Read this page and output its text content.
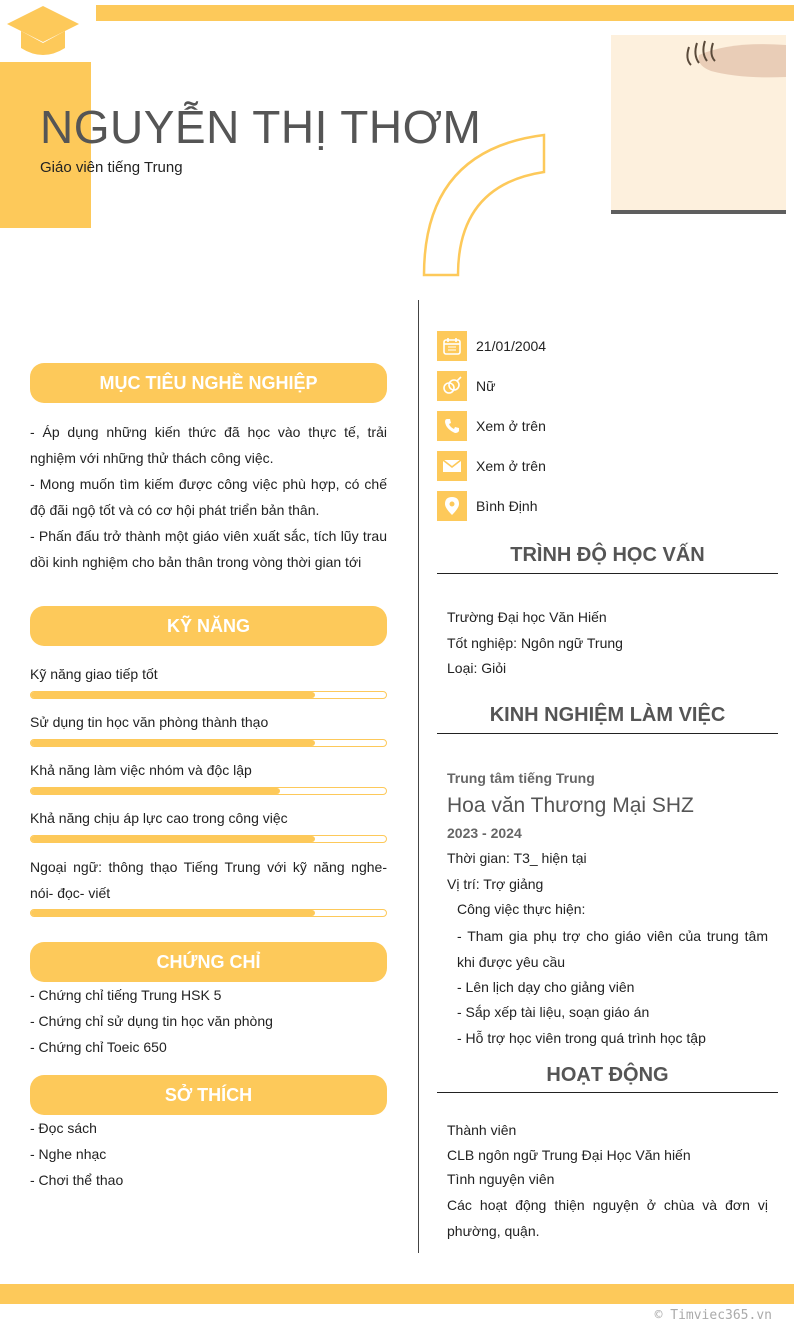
NGUYỄN THỊ THƠM
Giáo viên tiếng Trung
MỤC TIÊU NGHỀ NGHIỆP

- Áp dụng những kiến thức đã học vào thực tế, trải nghiệm với những thử thách công việc.

- Mong muốn tìm kiếm được công việc phù hợp, có chế độ đãi ngộ tốt và có cơ hội phát triển bản thân.

- Phấn đấu trở thành một giáo viên xuất sắc, tích lũy trau dồi kinh nghiệm cho bản thân trong vòng thời gian tới

KỸ NĂNG
Kỹ năng giao tiếp tốt
Sử dụng tin học văn phòng thành thạo
Khả năng làm việc nhóm và độc lập
Khả năng chịu áp lực cao trong công việc
Ngoại ngữ: thông thạo Tiếng Trung với kỹ năng nghe- nói- đọc- viết
CHỨNG CHỈ
- Chứng chỉ tiếng Trung HSK 5
- Chứng chỉ sử dụng tin học văn phòng
- Chứng chỉ Toeic 650
SỞ THÍCH
- Đọc sách
- Nghe nhạc
- Chơi thể thao
21/01/2004
Nữ
Xem ở trên
Xem ở trên
Bình Định
TRÌNH ĐỘ HỌC VẤN
Trường Đại học Văn Hiến
Tốt nghiệp: Ngôn ngữ Trung
Loại: Giỏi
KINH NGHIỆM LÀM VIỆC
Trung tâm tiếng Trung
Hoa văn Thương Mại SHZ
2023 - 2024
Thời gian: T3_ hiện tại
Vị trí: Trợ giảng
Công việc thực hiện:
- Tham gia phụ trợ cho giáo viên của trung tâm khi được yêu cầu
- Lên lịch dạy cho giảng viên
- Sắp xếp tài liệu, soạn giáo án
- Hỗ trợ học viên trong quá trình học tập
HOẠT ĐỘNG
Thành viên
CLB ngôn ngữ Trung Đại Học Văn hiến
Tình nguyện viên
Các hoạt động thiện nguyện ở chùa và đơn vị phường, quận.
© Timviec365.vn
